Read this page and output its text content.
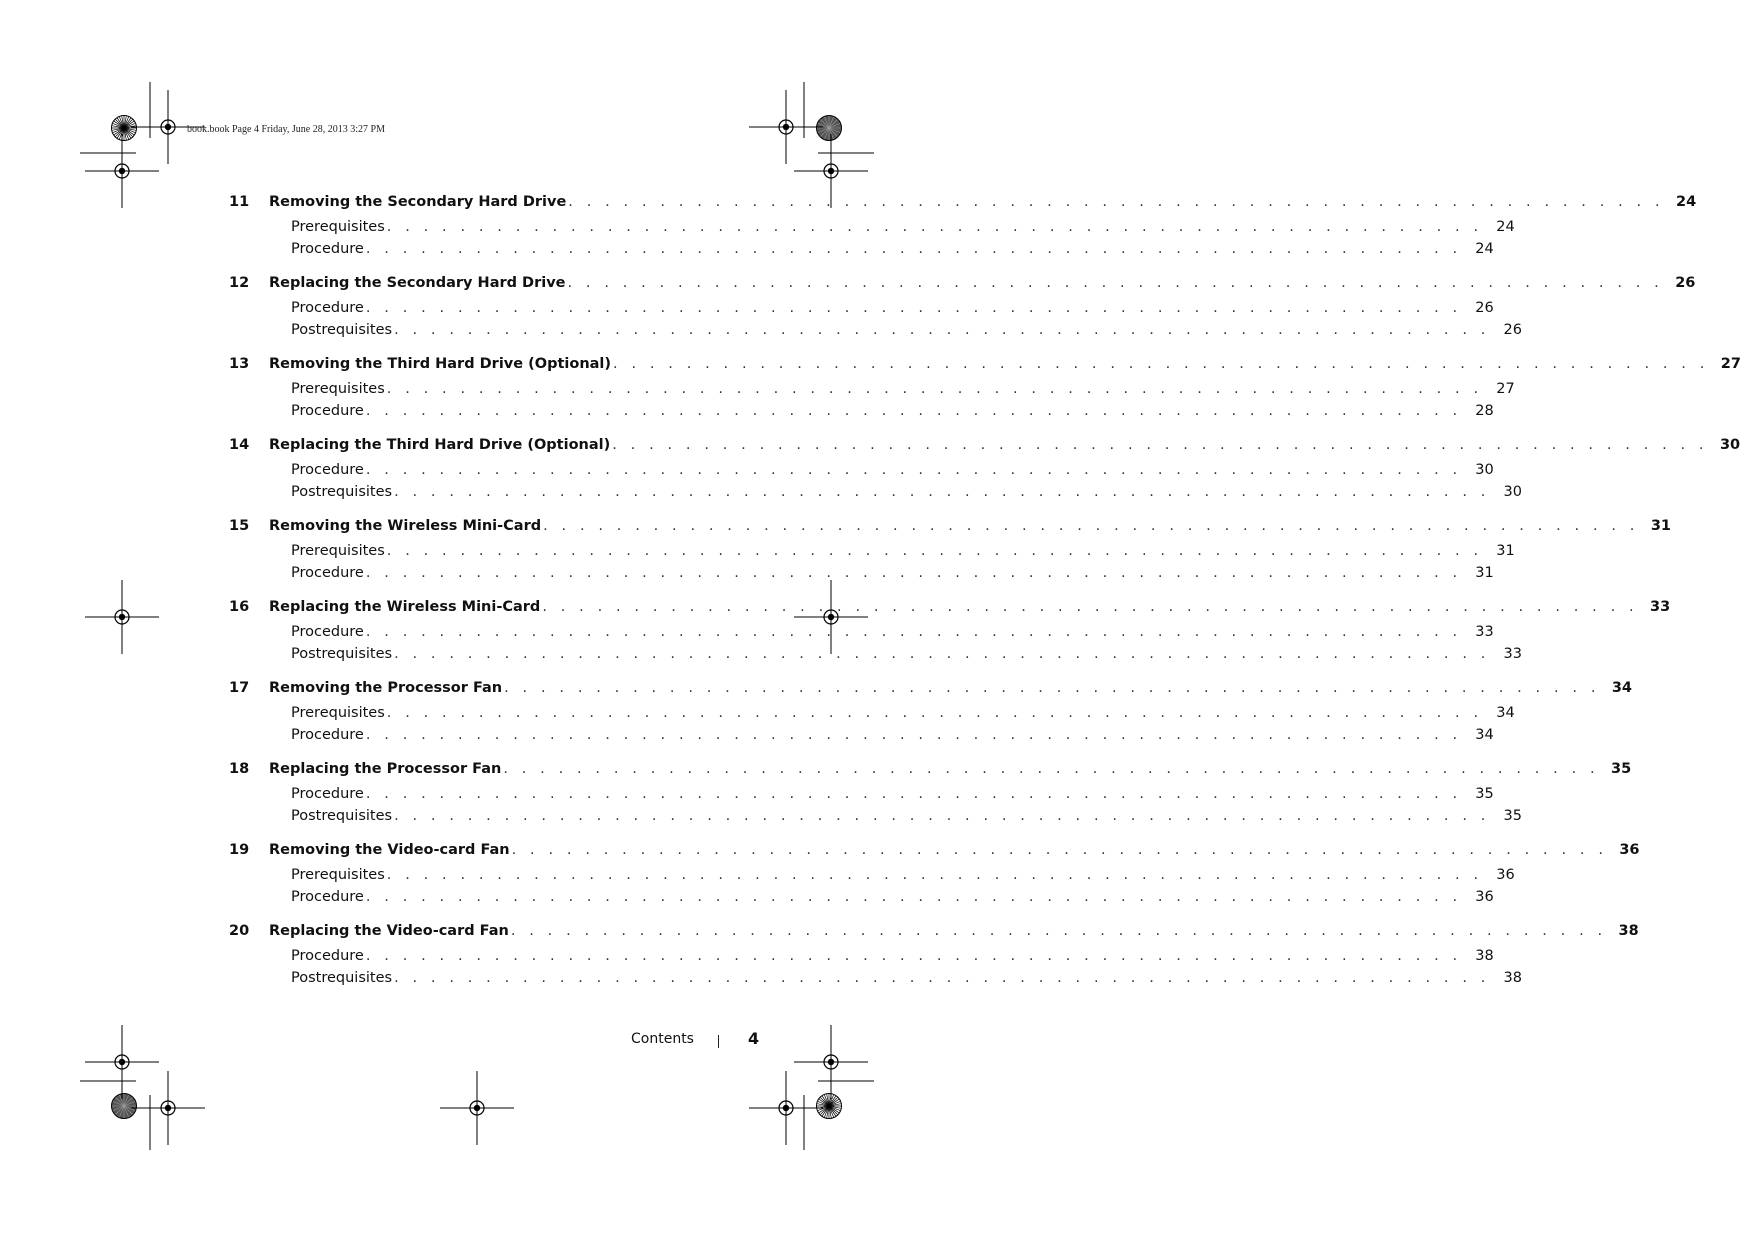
book.book Page 4 Friday, June 28, 2013 3:27 PM
11 Removing the Secondary Hard Drive . . . . . . . . . . . . . . . . . . . . . . . . . . . . . . . . . . . . . . . . . . . . . . . . . . . . . . . . . . . . 24
Prerequisites . . . . . . . . . . . . . . . . . . . . . . . . . . . . . . . . . . . . . . . . . . . . . . . . . . . . . . . . . . . . 24
Procedure . . . . . . . . . . . . . . . . . . . . . . . . . . . . . . . . . . . . . . . . . . . . . . . . . . . . . . . . . . . . 24
12 Replacing the Secondary Hard Drive . . . . . . . . . . . . . . . . . . . . . . . . . . . . . . . . . . . . . . . . . . . . . . . . . . . . . . . . . . . . 26
Procedure . . . . . . . . . . . . . . . . . . . . . . . . . . . . . . . . . . . . . . . . . . . . . . . . . . . . . . . . . . . . 26
Postrequisites . . . . . . . . . . . . . . . . . . . . . . . . . . . . . . . . . . . . . . . . . . . . . . . . . . . . . . . . . . . . 26
13 Removing the Third Hard Drive (Optional) . . . . . . . . . . . . . . . . . . . . . . . . . . . . . . . . . . . . . . . . . . . . . . . . . . . . . . . . . . . . 27
Prerequisites . . . . . . . . . . . . . . . . . . . . . . . . . . . . . . . . . . . . . . . . . . . . . . . . . . . . . . . . . . . . 27
Procedure . . . . . . . . . . . . . . . . . . . . . . . . . . . . . . . . . . . . . . . . . . . . . . . . . . . . . . . . . . . . 28
14 Replacing the Third Hard Drive (Optional) . . . . . . . . . . . . . . . . . . . . . . . . . . . . . . . . . . . . . . . . . . . . . . . . . . . . . . . . . . . . 30
Procedure . . . . . . . . . . . . . . . . . . . . . . . . . . . . . . . . . . . . . . . . . . . . . . . . . . . . . . . . . . . . 30
Postrequisites . . . . . . . . . . . . . . . . . . . . . . . . . . . . . . . . . . . . . . . . . . . . . . . . . . . . . . . . . . . . 30
15 Removing the Wireless Mini-Card . . . . . . . . . . . . . . . . . . . . . . . . . . . . . . . . . . . . . . . . . . . . . . . . . . . . . . . . . . . . 31
Prerequisites . . . . . . . . . . . . . . . . . . . . . . . . . . . . . . . . . . . . . . . . . . . . . . . . . . . . . . . . . . . . 31
Procedure . . . . . . . . . . . . . . . . . . . . . . . . . . . . . . . . . . . . . . . . . . . . . . . . . . . . . . . . . . . . 31
16 Replacing the Wireless Mini-Card . . . . . . . . . . . . . . . . . . . . . . . . . . . . . . . . . . . . . . . . . . . . . . . . . . . . . . . . . . . . 33
Procedure . . . . . . . . . . . . . . . . . . . . . . . . . . . . . . . . . . . . . . . . . . . . . . . . . . . . . . . . . . . . 33
Postrequisites . . . . . . . . . . . . . . . . . . . . . . . . . . . . . . . . . . . . . . . . . . . . . . . . . . . . . . . . . . . . 33
17 Removing the Processor Fan . . . . . . . . . . . . . . . . . . . . . . . . . . . . . . . . . . . . . . . . . . . . . . . . . . . . . . . . . . . . 34
Prerequisites . . . . . . . . . . . . . . . . . . . . . . . . . . . . . . . . . . . . . . . . . . . . . . . . . . . . . . . . . . . . 34
Procedure . . . . . . . . . . . . . . . . . . . . . . . . . . . . . . . . . . . . . . . . . . . . . . . . . . . . . . . . . . . . 34
18 Replacing the Processor Fan . . . . . . . . . . . . . . . . . . . . . . . . . . . . . . . . . . . . . . . . . . . . . . . . . . . . . . . . . . . . 35
Procedure . . . . . . . . . . . . . . . . . . . . . . . . . . . . . . . . . . . . . . . . . . . . . . . . . . . . . . . . . . . . 35
Postrequisites . . . . . . . . . . . . . . . . . . . . . . . . . . . . . . . . . . . . . . . . . . . . . . . . . . . . . . . . . . . . 35
19 Removing the Video-card Fan . . . . . . . . . . . . . . . . . . . . . . . . . . . . . . . . . . . . . . . . . . . . . . . . . . . . . . . . . . . . 36
Prerequisites . . . . . . . . . . . . . . . . . . . . . . . . . . . . . . . . . . . . . . . . . . . . . . . . . . . . . . . . . . . . 36
Procedure . . . . . . . . . . . . . . . . . . . . . . . . . . . . . . . . . . . . . . . . . . . . . . . . . . . . . . . . . . . . 36
20 Replacing the Video-card Fan . . . . . . . . . . . . . . . . . . . . . . . . . . . . . . . . . . . . . . . . . . . . . . . . . . . . . . . . . . . . 38
Procedure . . . . . . . . . . . . . . . . . . . . . . . . . . . . . . . . . . . . . . . . . . . . . . . . . . . . . . . . . . . . 38
Postrequisites . . . . . . . . . . . . . . . . . . . . . . . . . . . . . . . . . . . . . . . . . . . . . . . . . . . . . . . . . . . . 38
Contents	4
